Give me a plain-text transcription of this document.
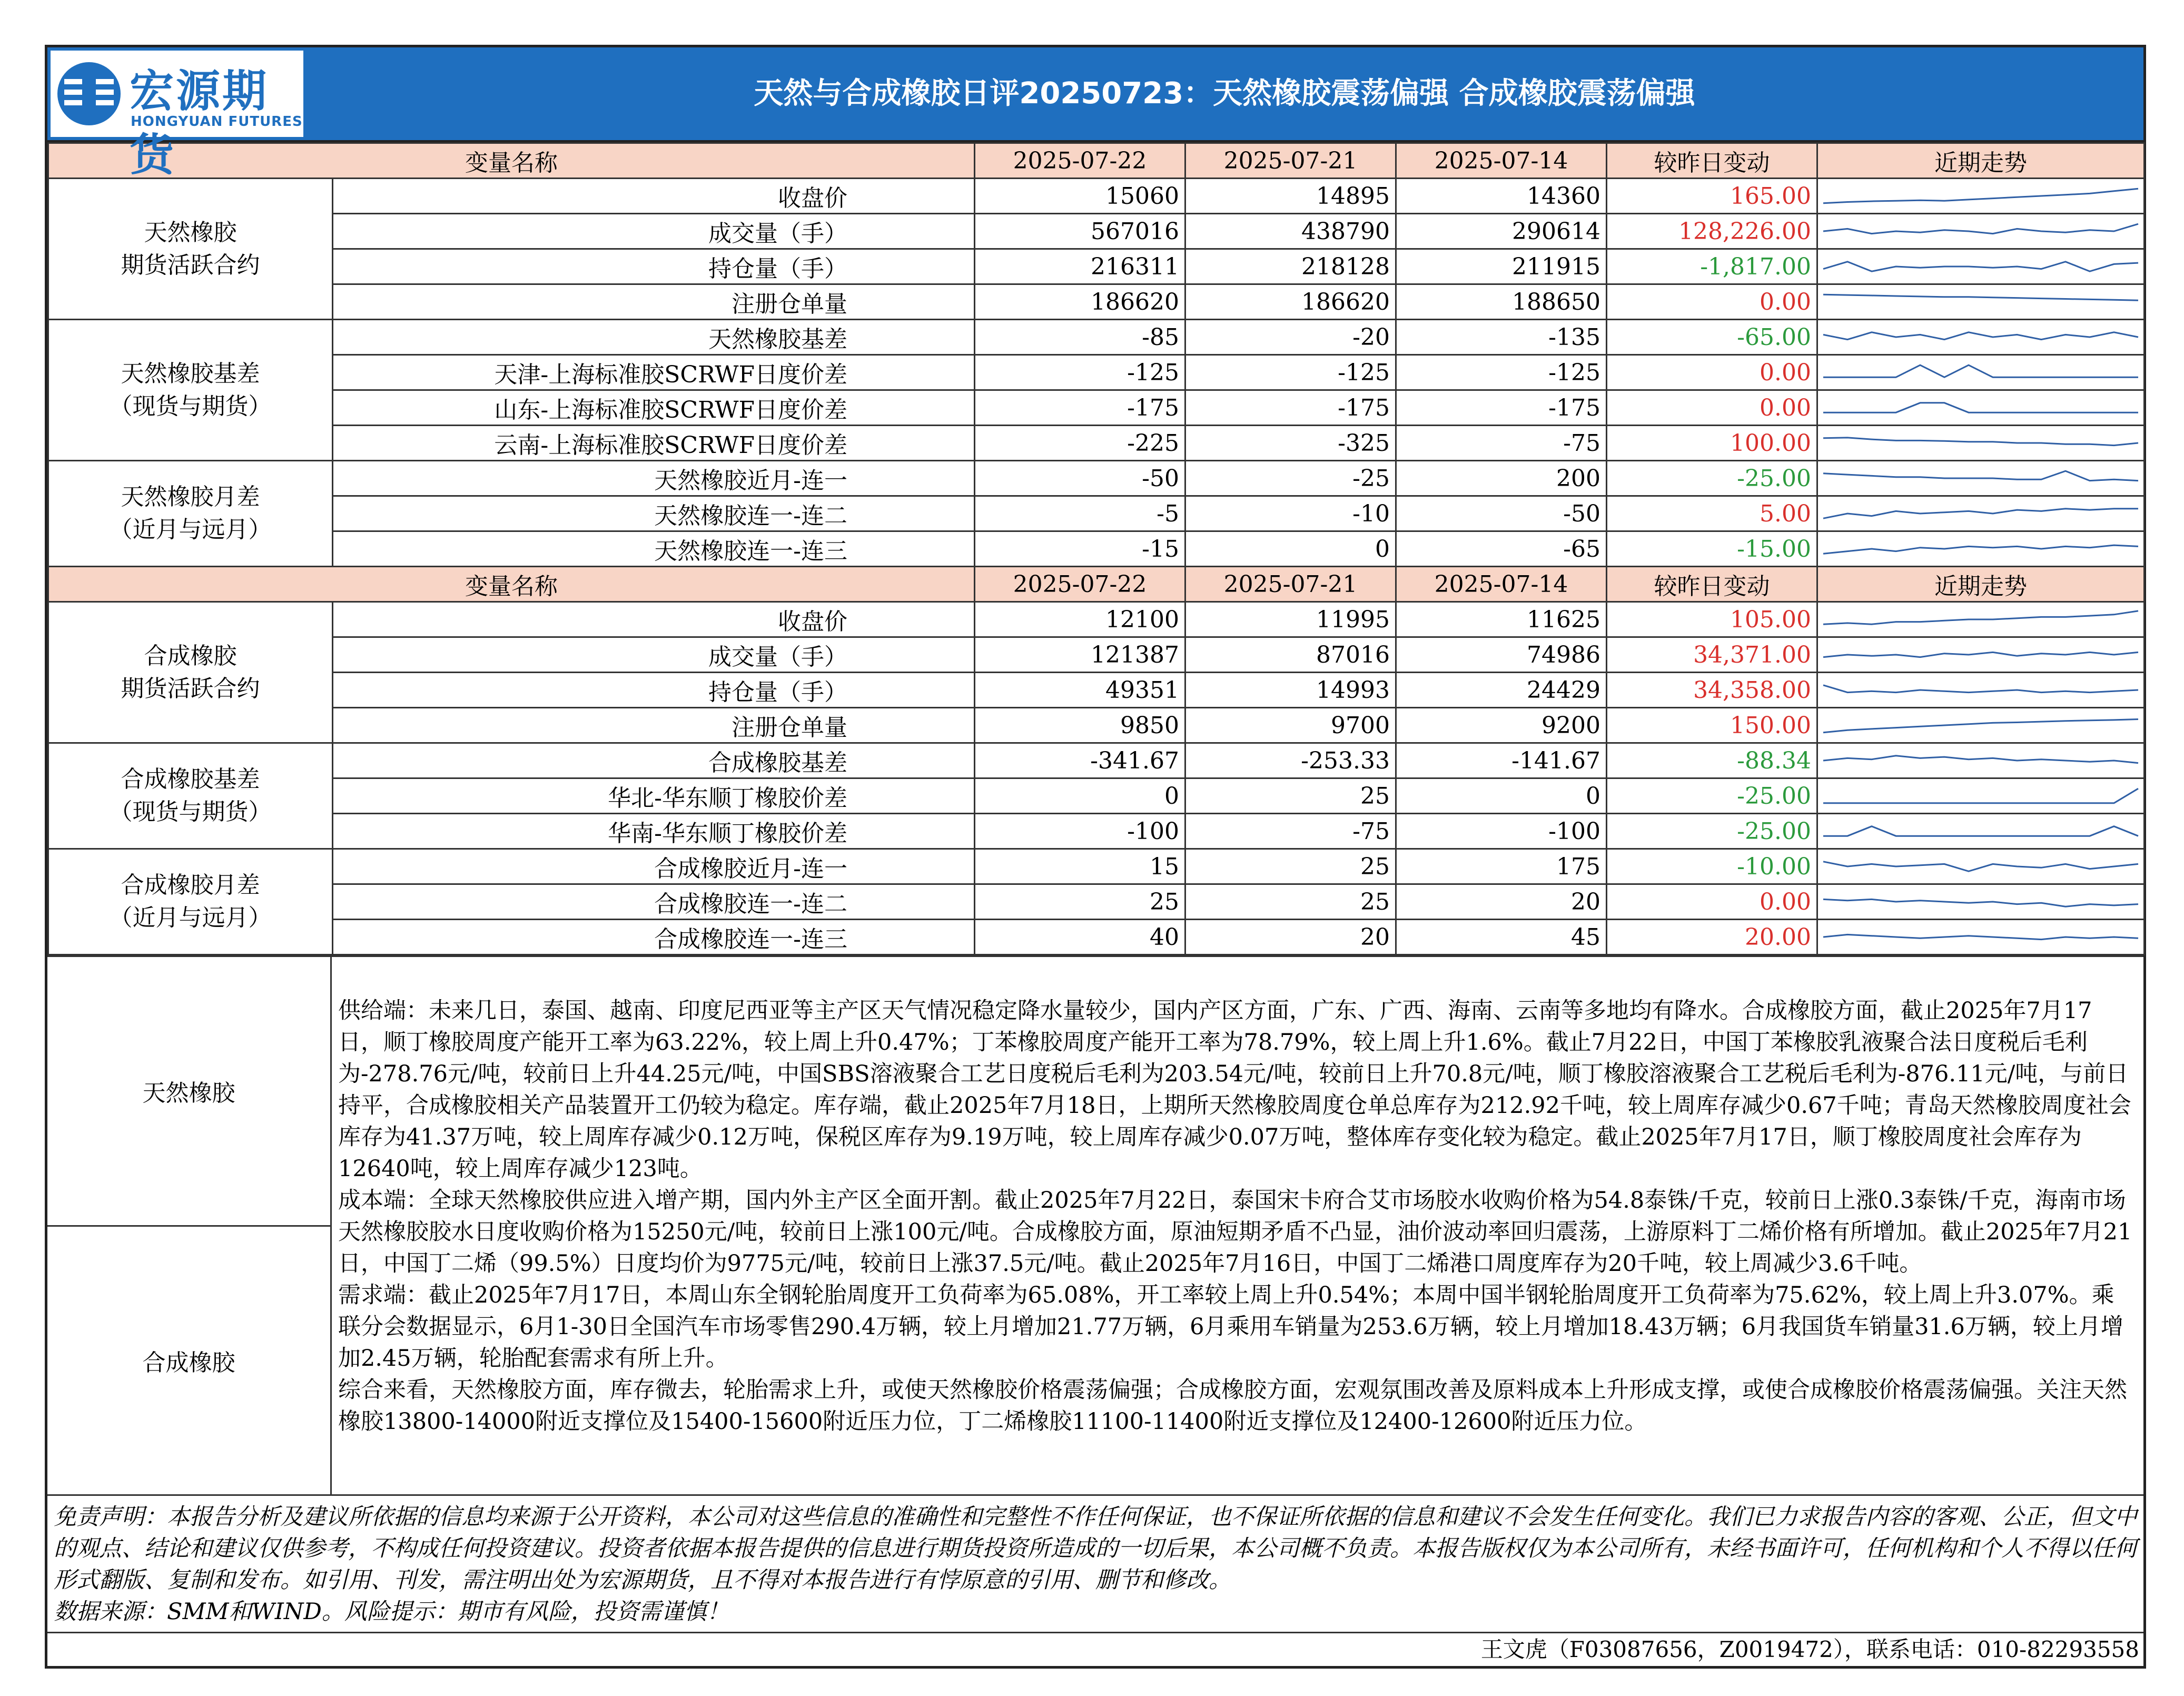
宏源期货
HONGYUAN FUTURES
天然与合成橡胶日评20250723：天然橡胶震荡偏强 合成橡胶震荡偏强
变量名称		2025-07-22	2025-07-21	2025-07-14	较昨日变动	近期走势

天然橡胶
期货活跃合约	收盘价	15060	14895	14360	165.00	

	成交量（手）	567016	438790	290614	128,226.00	

	持仓量（手）	216311	218128	211915	-1,817.00	

	注册仓单量	186620	186620	188650	0.00	

天然橡胶基差
（现货与期货）	天然橡胶基差	-85	-20	-135	-65.00	

	天津-上海标准胶SCRWF日度价差	-125	-125	-125	0.00	

	山东-上海标准胶SCRWF日度价差	-175	-175	-175	0.00	

	云南-上海标准胶SCRWF日度价差	-225	-325	-75	100.00	

天然橡胶月差
（近月与远月）	天然橡胶近月-连一	-50	-25	200	-25.00	

	天然橡胶连一-连二	-5	-10	-50	5.00	

	天然橡胶连一-连三	-15	0	-65	-15.00	

变量名称		2025-07-22	2025-07-21	2025-07-14	较昨日变动	近期走势

合成橡胶
期货活跃合约	收盘价	12100	11995	11625	105.00	

	成交量（手）	121387	87016	74986	34,371.00	

	持仓量（手）	49351	14993	24429	34,358.00	

	注册仓单量	9850	9700	9200	150.00	

合成橡胶基差
（现货与期货）	合成橡胶基差	-341.67	-253.33	-141.67	-88.34	

	华北-华东顺丁橡胶价差	0	25	0	-25.00	

	华南-华东顺丁橡胶价差	-100	-75	-100	-25.00	

合成橡胶月差
（近月与远月）	合成橡胶近月-连一	15	25	175	-10.00	

	合成橡胶连一-连二	25	25	20	0.00	

	合成橡胶连一-连三	40	20	45	20.00	
天然橡胶
合成橡胶

供给端：未来几日，泰国、越南、印度尼西亚等主产区天气情况稳定降水量较少，国内产区方面，广东、广西、海南、云南等多地均有降水。合成橡胶方面，截止2025年7月17日，顺丁橡胶周度产能开工率为63.22%，较上周上升0.47%；丁苯橡胶周度产能开工率为78.79%，较上周上升1.6%。截止7月22日，中国丁苯橡胶乳液聚合法日度税后毛利为-278.76元/吨，较前日上升44.25元/吨，中国SBS溶液聚合工艺日度税后毛利为203.54元/吨，较前日上升70.8元/吨，顺丁橡胶溶液聚合工艺税后毛利为-876.11元/吨，与前日持平，合成橡胶相关产品装置开工仍较为稳定。库存端，截止2025年7月18日，上期所天然橡胶周度仓单总库存为212.92千吨，较上周库存减少0.67千吨；青岛天然橡胶周度社会库存为41.37万吨，较上周库存减少0.12万吨，保税区库存为9.19万吨，较上周库存减少0.07万吨，整体库存变化较为稳定。截止2025年7月17日，顺丁橡胶周度社会库存为12640吨，较上周库存减少123吨。

成本端：全球天然橡胶供应进入增产期，国内外主产区全面开割。截止2025年7月22日，泰国宋卡府合艾市场胶水收购价格为54.8泰铢/千克，较前日上涨0.3泰铢/千克，海南市场天然橡胶胶水日度收购价格为15250元/吨，较前日上涨100元/吨。合成橡胶方面，原油短期矛盾不凸显，油价波动率回归震荡，上游原料丁二烯价格有所增加。截止2025年7月21日，中国丁二烯（99.5%）日度均价为9775元/吨，较前日上涨37.5元/吨。截止2025年7月16日，中国丁二烯港口周度库存为20千吨，较上周减少3.6千吨。

需求端：截止2025年7月17日，本周山东全钢轮胎周度开工负荷率为65.08%，开工率较上周上升0.54%；本周中国半钢轮胎周度开工负荷率为75.62%，较上周上升3.07%。乘联分会数据显示，6月1-30日全国汽车市场零售290.4万辆，较上月增加21.77万辆，6月乘用车销量为253.6万辆，较上月增加18.43万辆；6月我国货车销量31.6万辆，较上月增加2.45万辆，轮胎配套需求有所上升。

综合来看，天然橡胶方面，库存微去，轮胎需求上升，或使天然橡胶价格震荡偏强；合成橡胶方面，宏观氛围改善及原料成本上升形成支撑，或使合成橡胶价格震荡偏强。关注天然橡胶13800-14000附近支撑位及15400-15600附近压力位，丁二烯橡胶11100-11400附近支撑位及12400-12600附近压力位。

免责声明：本报告分析及建议所依据的信息均来源于公开资料，本公司对这些信息的准确性和完整性不作任何保证，也不保证所依据的信息和建议不会发生任何变化。我们已力求报告内容的客观、公正，但文中的观点、结论和建议仅供参考，不构成任何投资建议。投资者依据本报告提供的信息进行期货投资所造成的一切后果，本公司概不负责。本报告版权仅为本公司所有，未经书面许可，任何机构和个人不得以任何形式翻版、复制和发布。如引用、刊发，需注明出处为宏源期货，且不得对本报告进行有悖原意的引用、删节和修改。
数据来源：SMM和WIND。风险提示：期市有风险，投资需谨慎！
王文虎（F03087656，Z0019472），联系电话：010-82293558
